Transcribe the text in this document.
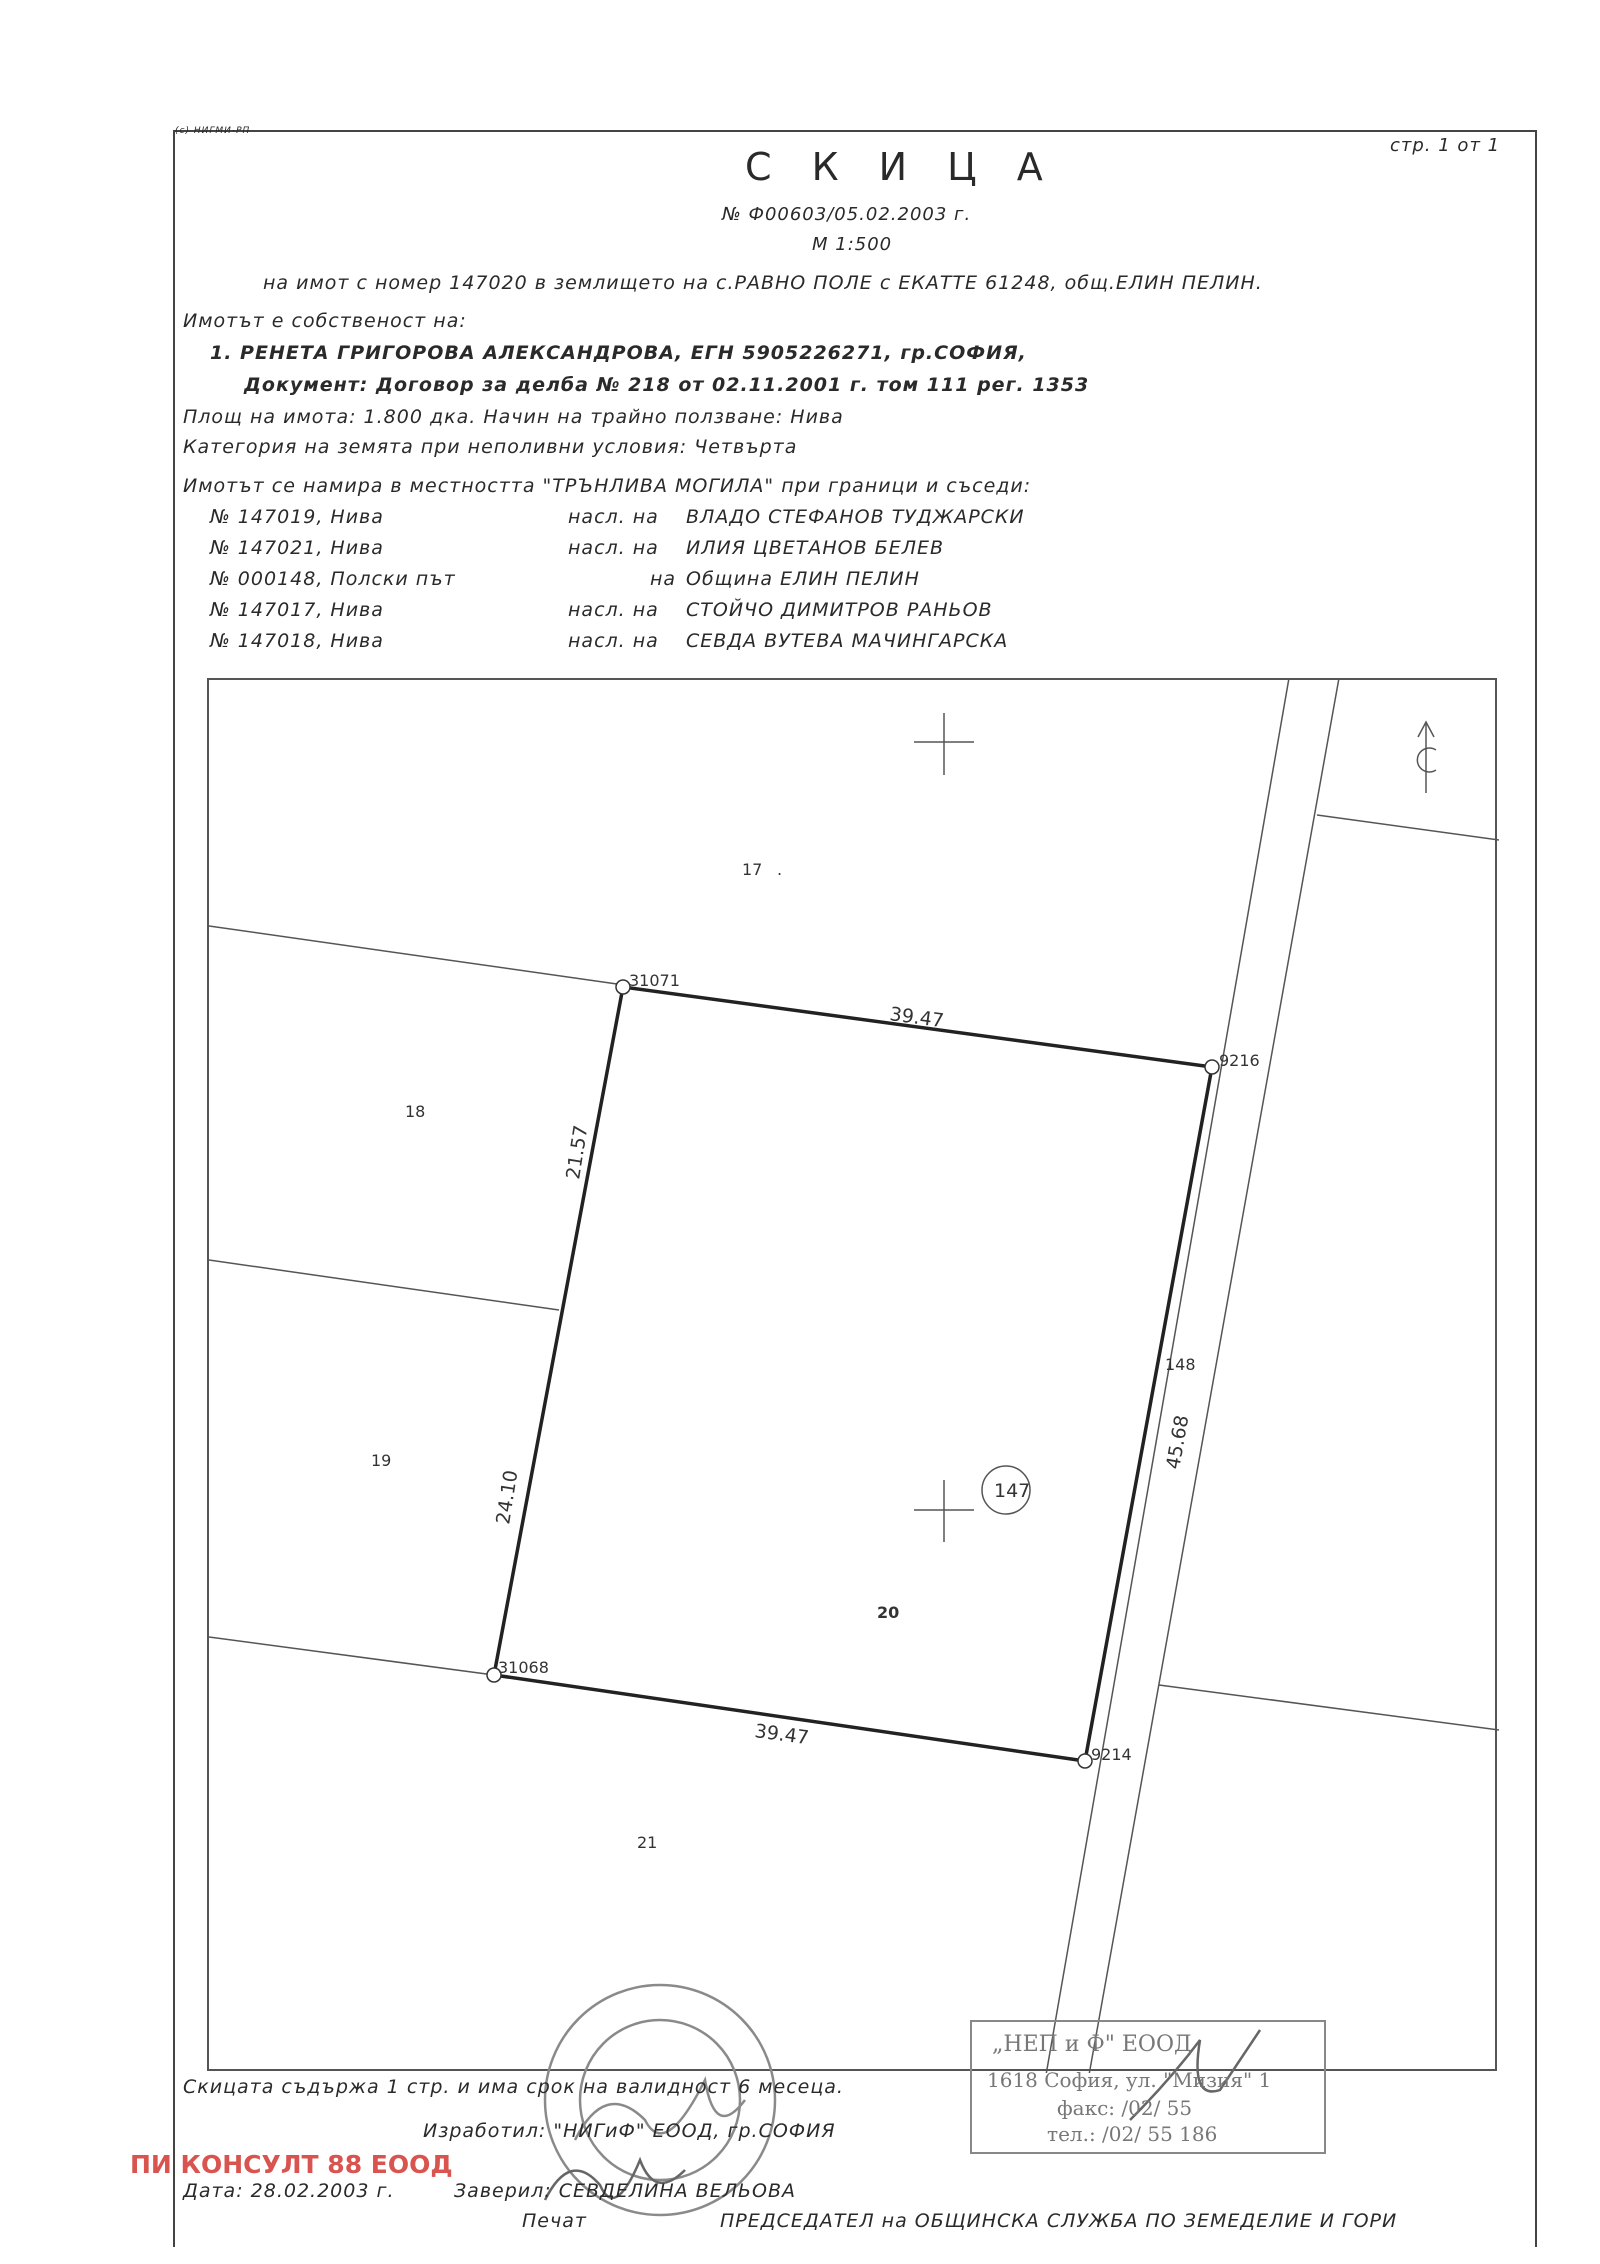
(c) НИГМИ-РП
стр. 1 от 1
С К И Ц А
№ Ф00603/05.02.2003 г.
М 1:500
на имот с номер 147020 в землището на с.РАВНО ПОЛЕ с ЕКАТТЕ 61248, общ.ЕЛИН ПЕЛИН.
Имотът е собственост на:
1. РЕНЕТА ГРИГОРОВА АЛЕКСАНДРОВА, ЕГН 5905226271, гр.СОФИЯ,
Документ: Договор за делба № 218 от 02.11.2001 г. том 111 рег. 1353
Площ на имота: 1.800 дка. Начин на трайно ползване: Нива
Категория на земята при неполивни условия: Четвърта
Имотът се намира в местността "ТРЪНЛИВА МОГИЛА" при граници и съседи:
№ 147019, Нива	насл. на ВЛАДО СТЕФАНОВ ТУДЖАРСКИ
№ 147021, Нива	насл. на ИЛИЯ ЦВЕТАНОВ БЕЛЕВ
№ 000148, Полски път	на Община ЕЛИН ПЕЛИН
№ 147017, Нива	насл. на СТОЙЧО ДИМИТРОВ РАНЬОВ
№ 147018, Нива	насл. на СЕВДА ВУТЕВА МАЧИНГАРСКА
17 .
18
19
20
21
148
147
31071
9216
31068
9214
39.47
39.47
21.57
24.10
45.68
„НЕП и Ф" ЕООД
1618 София, ул. "Мизия" 1
факс: /02/ 55
тел.: /02/ 55 186
Скицата съдържа 1 стр. и има срок на валидност 6 месеца.
Изработил: "НИГиФ" ЕООД, гр.СОФИЯ
ПИ КОНСУЛТ 88 ЕООД
Дата: 28.02.2003 г.	Заверил: СЕВДЕЛИНА ВЕЛЬОВА
Печат	ПРЕДСЕДАТЕЛ на ОБЩИНСКА СЛУЖБА ПО ЗЕМЕДЕЛИЕ И ГОРИ
